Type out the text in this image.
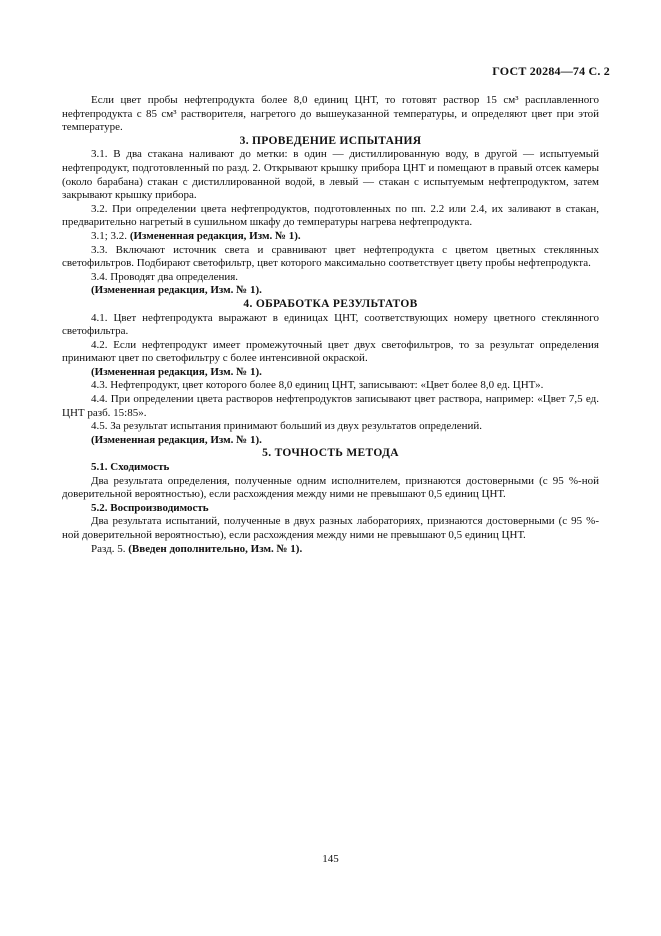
ГОСТ 20284—74 С. 2

Если цвет пробы нефтепродукта более 8,0 единиц ЦНТ, то готовят раствор 15 см³ расплавленного нефтепродукта с 85 см³ растворителя, нагретого до вышеуказанной температуры, и определяют цвет при этой температуре.

3. ПРОВЕДЕНИЕ ИСПЫТАНИЯ

3.1. В два стакана наливают до метки: в один — дистиллированную воду, в другой — испытуемый нефтепродукт, подготовленный по разд. 2. Открывают крышку прибора ЦНТ и помещают в правый отсек камеры (около барабана) стакан с дистиллированной водой, в левый — стакан с испытуемым нефтепродуктом, затем закрывают крышку прибора.

3.2. При определении цвета нефтепродуктов, подготовленных по пп. 2.2 или 2.4, их заливают в стакан, предварительно нагретый в сушильном шкафу до температуры нагрева нефтепродукта.

3.1; 3.2. (Измененная редакция, Изм. № 1).

3.3. Включают источник света и сравнивают цвет нефтепродукта с цветом цветных стеклянных светофильтров. Подбирают светофильтр, цвет которого максимально соответствует цвету пробы нефтепродукта.

3.4. Проводят два определения.

(Измененная редакция, Изм. № 1).

4. ОБРАБОТКА РЕЗУЛЬТАТОВ

4.1. Цвет нефтепродукта выражают в единицах ЦНТ, соответствующих номеру цветного стеклянного светофильтра.

4.2. Если нефтепродукт имеет промежуточный цвет двух светофильтров, то за результат определения принимают цвет по светофильтру с более интенсивной окраской.

(Измененная редакция, Изм. № 1).

4.3. Нефтепродукт, цвет которого более 8,0 единиц ЦНТ, записывают: «Цвет более 8,0 ед. ЦНТ».

4.4. При определении цвета растворов нефтепродуктов записывают цвет раствора, например: «Цвет 7,5 ед. ЦНТ разб. 15:85».

4.5. За результат испытания принимают больший из двух результатов определений.

(Измененная редакция, Изм. № 1).

5. ТОЧНОСТЬ МЕТОДА

5.1. Сходимость

Два результата определения, полученные одним исполнителем, признаются достоверными (с 95 %-ной доверительной вероятностью), если расхождения между ними не превышают 0,5 единиц ЦНТ.

5.2. Воспроизводимость

Два результата испытаний, полученные в двух разных лабораториях, признаются достоверными (с 95 %-ной доверительной вероятностью), если расхождения между ними не превышают 0,5 единиц ЦНТ.

Разд. 5. (Введен дополнительно, Изм. № 1).

145
